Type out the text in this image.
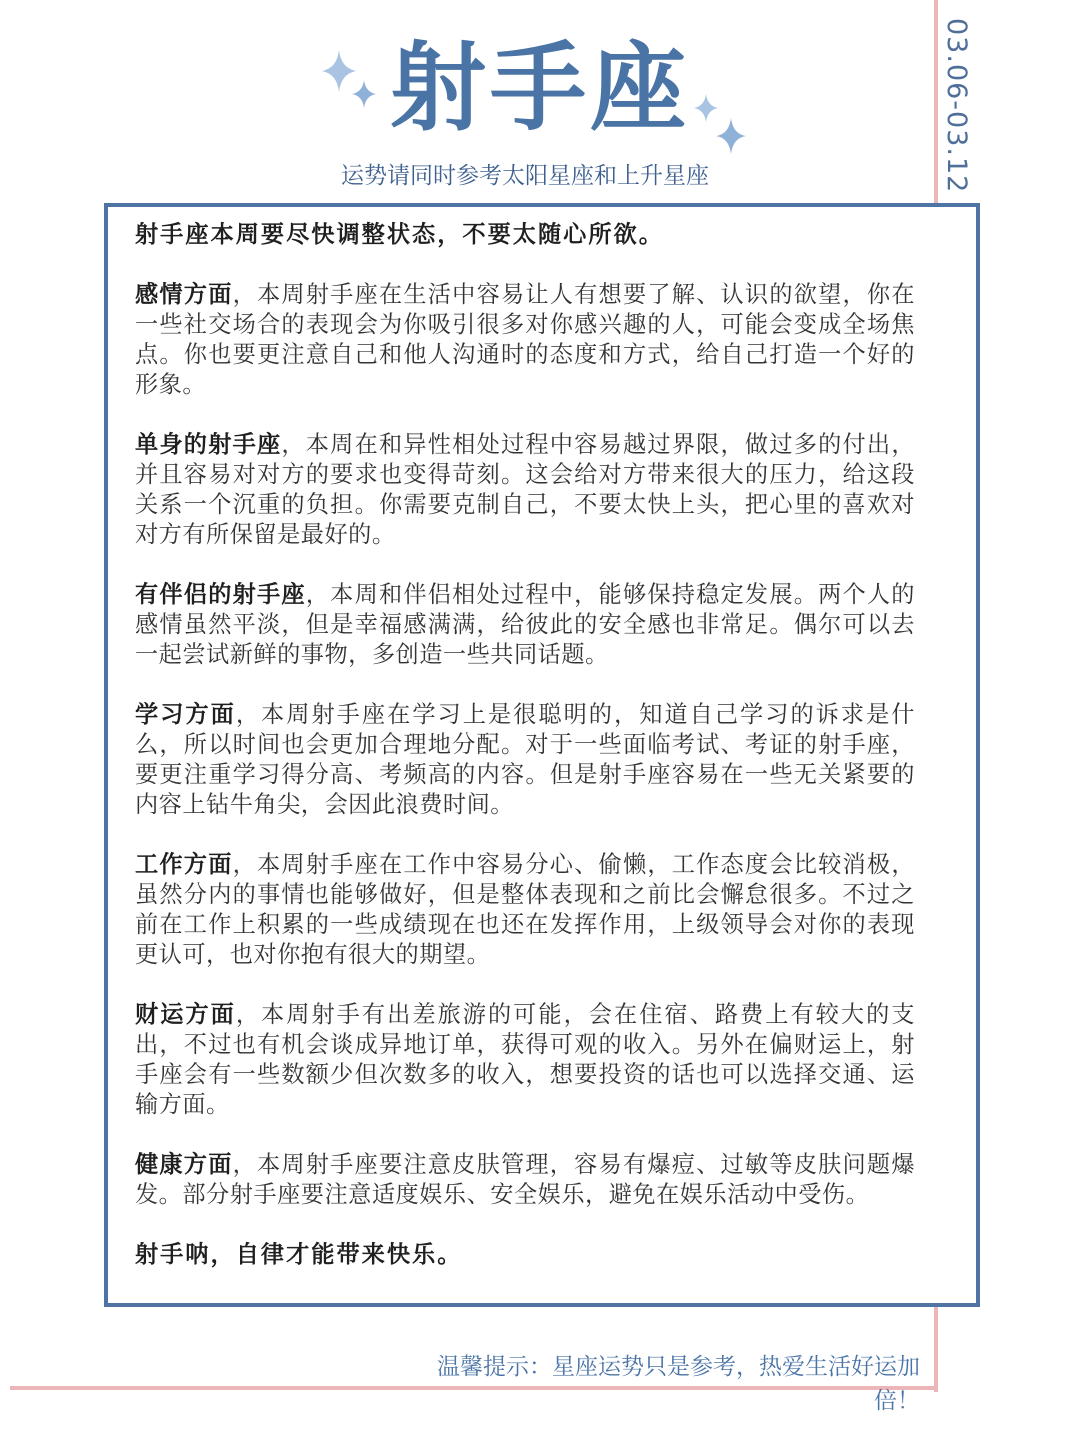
03.06-03.12
射手座
运势请同时参考太阳星座和上升星座

射手座本周要尽快调整状态，不要太随心所欲。

感情方面，本周射手座在生活中容易让人有想要了解、认识的欲望，你在一些社交场合的表现会为你吸引很多对你感兴趣的人，可能会变成全场焦点。你也要更注意自己和他人沟通时的态度和方式，给自己打造一个好的形象。

单身的射手座，本周在和异性相处过程中容易越过界限，做过多的付出，并且容易对对方的要求也变得苛刻。这会给对方带来很大的压力，给这段关系一个沉重的负担。你需要克制自己，不要太快上头，把心里的喜欢对对方有所保留是最好的。

有伴侣的射手座，本周和伴侣相处过程中，能够保持稳定发展。两个人的感情虽然平淡，但是幸福感满满，给彼此的安全感也非常足。偶尔可以去一起尝试新鲜的事物，多创造一些共同话题。

学习方面，本周射手座在学习上是很聪明的，知道自己学习的诉求是什么，所以时间也会更加合理地分配。对于一些面临考试、考证的射手座，要更注重学习得分高、考频高的内容。但是射手座容易在一些无关紧要的内容上钻牛角尖，会因此浪费时间。

工作方面，本周射手座在工作中容易分心、偷懒，工作态度会比较消极，虽然分内的事情也能够做好，但是整体表现和之前比会懈怠很多。不过之前在工作上积累的一些成绩现在也还在发挥作用，上级领导会对你的表现更认可，也对你抱有很大的期望。

财运方面，本周射手有出差旅游的可能，会在住宿、路费上有较大的支出，不过也有机会谈成异地订单，获得可观的收入。另外在偏财运上，射手座会有一些数额少但次数多的收入，想要投资的话也可以选择交通、运输方面。

健康方面，本周射手座要注意皮肤管理，容易有爆痘、过敏等皮肤问题爆发。部分射手座要注意适度娱乐、安全娱乐，避免在娱乐活动中受伤。

射手呐，自律才能带来快乐。

温馨提示：星座运势只是参考，热爱生活好运加倍！
